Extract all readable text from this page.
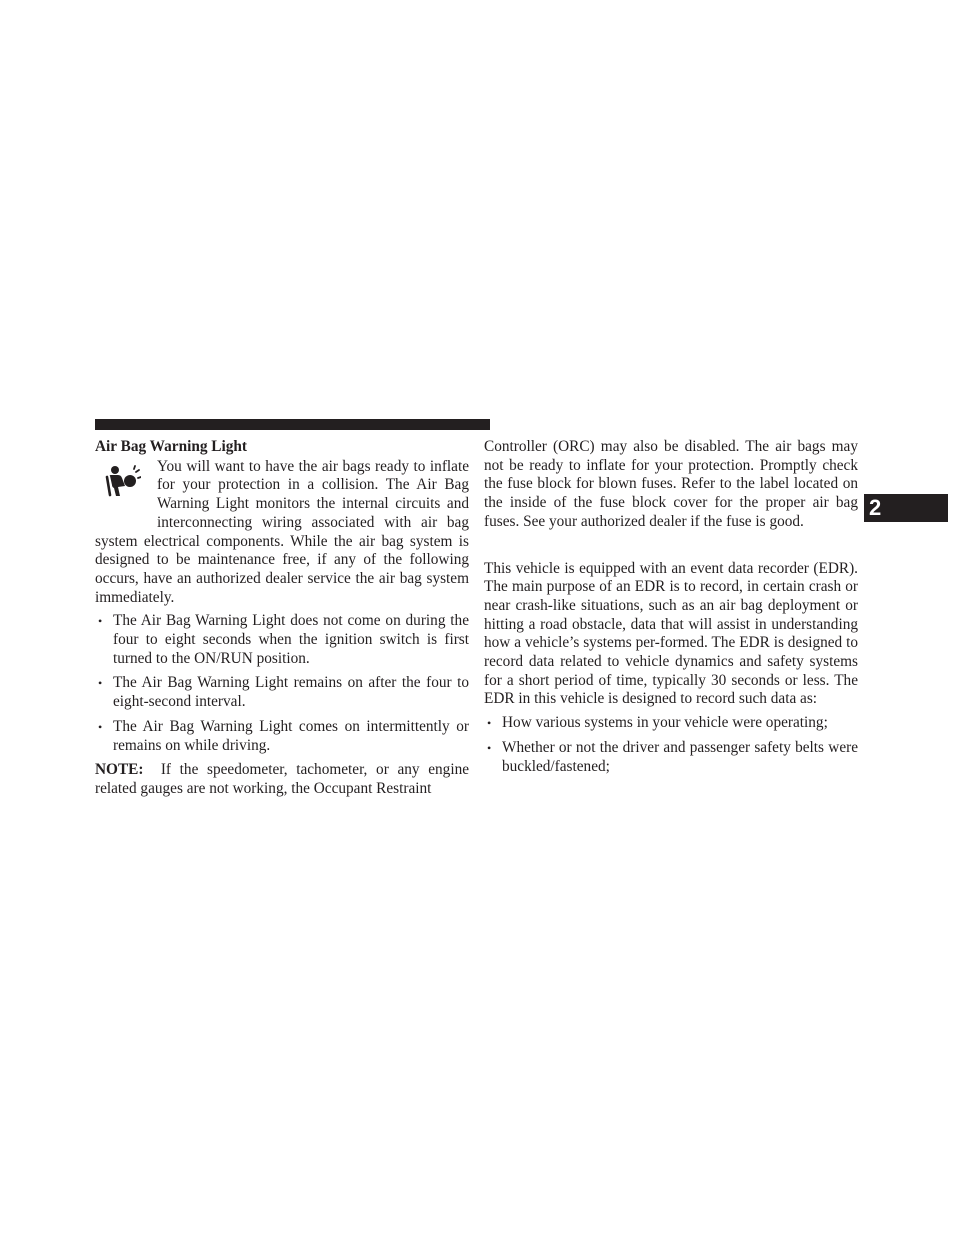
2
Air Bag Warning Light

You will want to have the air bags ready to inflate for your protection in a collision. The Air Bag Warning Light monitors the internal circuits and interconnecting wiring associated with air bag system electrical components. While the air bag system is designed to be maintenance free, if any of the following occurs, have an authorized dealer service the air bag system immediately.

• The Air Bag Warning Light does not come on during the four to eight seconds when the ignition switch is first turned to the ON/RUN position.
• The Air Bag Warning Light remains on after the four to eight-second interval.
• The Air Bag Warning Light comes on intermittently or remains on while driving.

NOTE: If the speedometer, tachometer, or any engine related gauges are not working, the Occupant Restraint

Controller (ORC) may also be disabled. The air bags may not be ready to inflate for your protection. Promptly check the fuse block for blown fuses. Refer to the label located on the inside of the fuse block cover for the proper air bag fuses. See your authorized dealer if the fuse is good.

This vehicle is equipped with an event data recorder (EDR). The main purpose of an EDR is to record, in certain crash or near crash-like situations, such as an air bag deployment or hitting a road obstacle, data that will assist in understanding how a vehicle’s systems per-formed. The EDR is designed to record data related to vehicle dynamics and safety systems for a short period of time, typically 30 seconds or less. The EDR in this vehicle is designed to record such data as:

• How various systems in your vehicle were operating;
• Whether or not the driver and passenger safety belts were buckled/fastened;
